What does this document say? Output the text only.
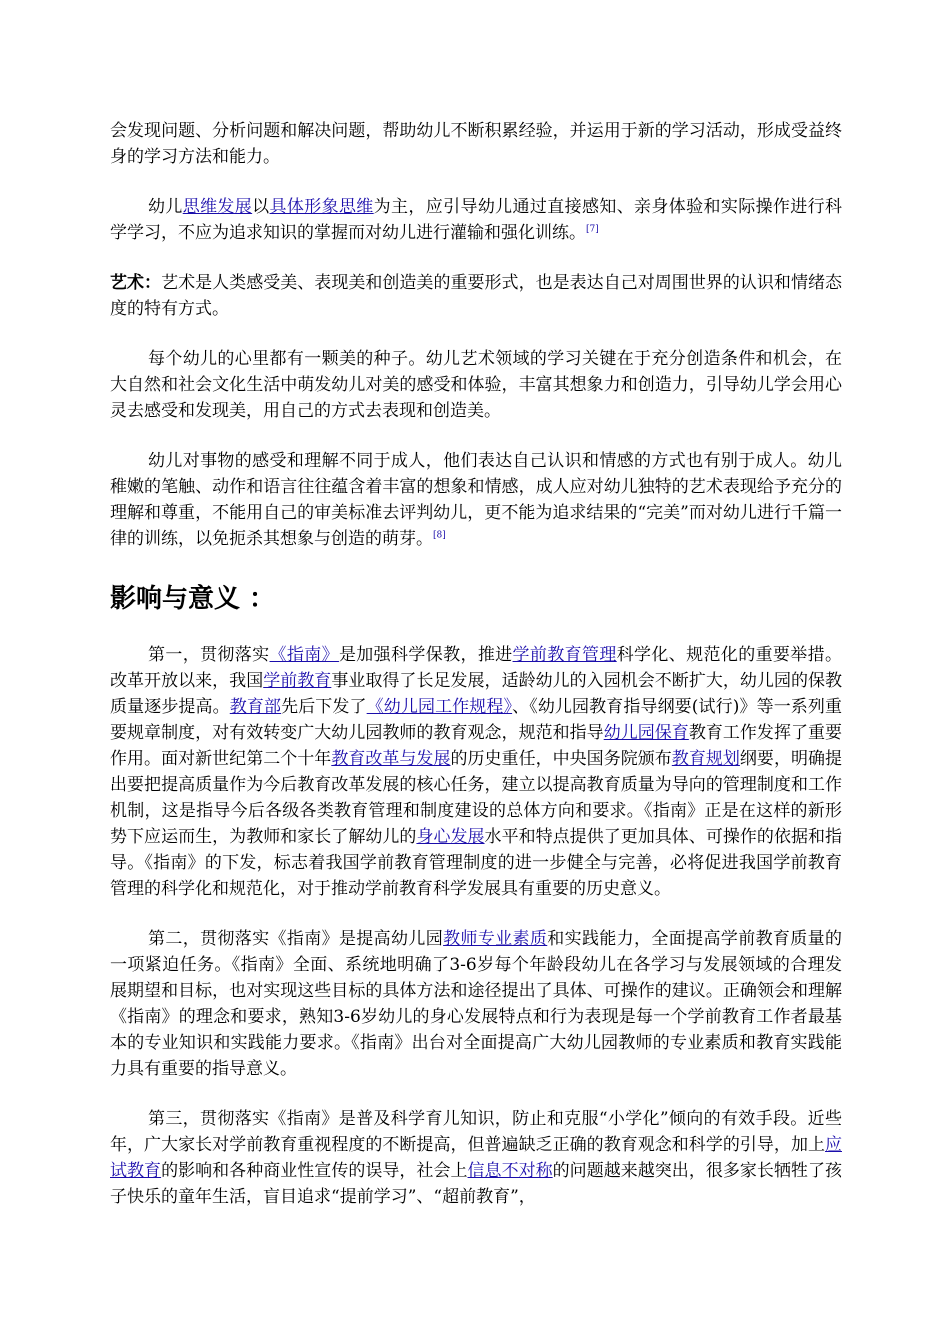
会发现问题、分析问题和解决问题，帮助幼儿不断积累经验，并运用于新的学习活动，形成受益终身的学习方法和能力。

幼儿思维发展以具体形象思维为主，应引导幼儿通过直接感知、亲身体验和实际操作进行科学学习，不应为追求知识的掌握而对幼儿进行灌输和强化训练。[7]

艺术：艺术是人类感受美、表现美和创造美的重要形式，也是表达自己对周围世界的认识和情绪态度的特有方式。

每个幼儿的心里都有一颗美的种子。幼儿艺术领域的学习关键在于充分创造条件和机会，在大自然和社会文化生活中萌发幼儿对美的感受和体验，丰富其想象力和创造力，引导幼儿学会用心灵去感受和发现美，用自己的方式去表现和创造美。

幼儿对事物的感受和理解不同于成人，他们表达自己认识和情感的方式也有别于成人。幼儿稚嫩的笔触、动作和语言往往蕴含着丰富的想象和情感，成人应对幼儿独特的艺术表现给予充分的理解和尊重，不能用自己的审美标准去评判幼儿，更不能为追求结果的“完美”而对幼儿进行千篇一律的训练，以免扼杀其想象与创造的萌芽。[8]

影响与意义 ：

第一，贯彻落实《指南》是加强科学保教，推进学前教育管理科学化、规范化的重要举措。改革开放以来，我国学前教育事业取得了长足发展，适龄幼儿的入园机会不断扩大，幼儿园的保教质量逐步提高。教育部先后下发了《幼儿园工作规程》、《幼儿园教育指导纲要(试行)》等一系列重要规章制度，对有效转变广大幼儿园教师的教育观念，规范和指导幼儿园保育教育工作发挥了重要作用。面对新世纪第二个十年教育改革与发展的历史重任，中央国务院颁布教育规划纲要，明确提出要把提高质量作为今后教育改革发展的核心任务，建立以提高教育质量为导向的管理制度和工作机制，这是指导今后各级各类教育管理和制度建设的总体方向和要求。《指南》正是在这样的新形势下应运而生，为教师和家长了解幼儿的身心发展水平和特点提供了更加具体、可操作的依据和指导。《指南》的下发，标志着我国学前教育管理制度的进一步健全与完善，必将促进我国学前教育管理的科学化和规范化，对于推动学前教育科学发展具有重要的历史意义。

第二，贯彻落实《指南》是提高幼儿园教师专业素质和实践能力，全面提高学前教育质量的一项紧迫任务。《指南》全面、系统地明确了3-6岁每个年龄段幼儿在各学习与发展领域的合理发展期望和目标，也对实现这些目标的具体方法和途径提出了具体、可操作的建议。正确领会和理解《指南》的理念和要求，熟知3-6岁幼儿的身心发展特点和行为表现是每一个学前教育工作者最基本的专业知识和实践能力要求。《指南》出台对全面提高广大幼儿园教师的专业素质和教育实践能力具有重要的指导意义。

第三，贯彻落实《指南》是普及科学育儿知识，防止和克服“小学化”倾向的有效手段。近些年，广大家长对学前教育重视程度的不断提高，但普遍缺乏正确的教育观念和科学的引导，加上应试教育的影响和各种商业性宣传的误导，社会上信息不对称的问题越来越突出，很多家长牺牲了孩子快乐的童年生活，盲目追求“提前学习”、“超前教育”，
